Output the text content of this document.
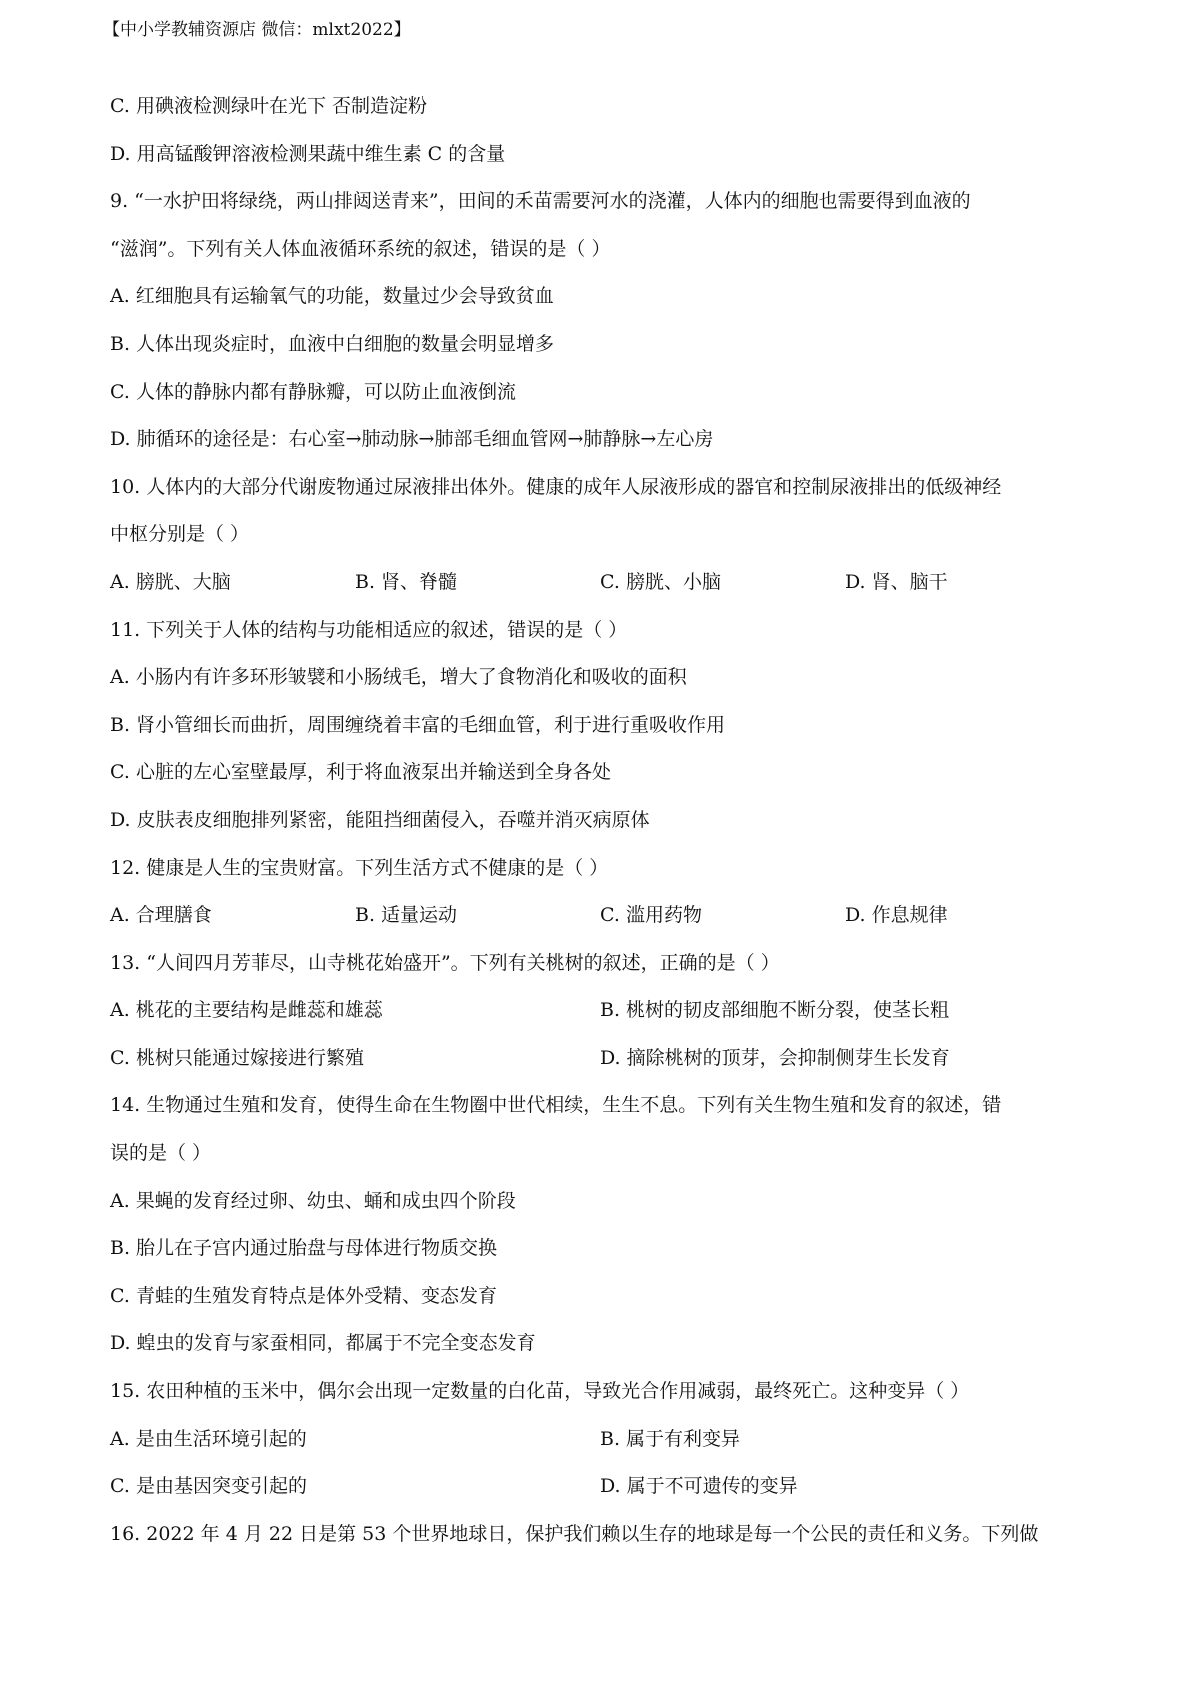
【中小学教辅资源店 微信：mlxt2022】
C. 用碘液检测绿叶在光下 否制造淀粉
D. 用高锰酸钾溶液检测果蔬中维生素 C 的含量
9. “一水护田将绿绕，两山排闼送青来”，田间的禾苗需要河水的浇灌，人体内的细胞也需要得到血液的
“滋润”。下列有关人体血液循环系统的叙述，错误的是（ ）
A. 红细胞具有运输氧气的功能，数量过少会导致贫血
B. 人体出现炎症时，血液中白细胞的数量会明显增多
C. 人体的静脉内都有静脉瓣，可以防止血液倒流
D. 肺循环的途径是：右心室→肺动脉→肺部毛细血管网→肺静脉→左心房
10. 人体内的大部分代谢废物通过尿液排出体外。健康的成年人尿液形成的器官和控制尿液排出的低级神经
中枢分别是（ ）
A. 膀胱、大脑	B. 肾、脊髓	C. 膀胱、小脑	D. 肾、脑干
11. 下列关于人体的结构与功能相适应的叙述，错误的是（ ）
A. 小肠内有许多环形皱襞和小肠绒毛，增大了食物消化和吸收的面积
B. 肾小管细长而曲折，周围缠绕着丰富的毛细血管，利于进行重吸收作用
C. 心脏的左心室壁最厚，利于将血液泵出并输送到全身各处
D. 皮肤表皮细胞排列紧密，能阻挡细菌侵入，吞噬并消灭病原体
12. 健康是人生的宝贵财富。下列生活方式不健康的是（ ）
A. 合理膳食	B. 适量运动	C. 滥用药物	D. 作息规律
13. “人间四月芳菲尽，山寺桃花始盛开”。下列有关桃树的叙述，正确的是（ ）
A. 桃花的主要结构是雌蕊和雄蕊	B. 桃树的韧皮部细胞不断分裂，使茎长粗
C. 桃树只能通过嫁接进行繁殖	D. 摘除桃树的顶芽，会抑制侧芽生长发育
14. 生物通过生殖和发育，使得生命在生物圈中世代相续，生生不息。下列有关生物生殖和发育的叙述，错
误的是（ ）
A. 果蝇的发育经过卵、幼虫、蛹和成虫四个阶段
B. 胎儿在子宫内通过胎盘与母体进行物质交换
C. 青蛙的生殖发育特点是体外受精、变态发育
D. 蝗虫的发育与家蚕相同，都属于不完全变态发育
15. 农田种植的玉米中，偶尔会出现一定数量的白化苗，导致光合作用减弱，最终死亡。这种变异（ ）
A. 是由生活环境引起的	B. 属于有利变异
C. 是由基因突变引起的	D. 属于不可遗传的变异
16. 2022 年 4 月 22 日是第 53 个世界地球日，保护我们赖以生存的地球是每一个公民的责任和义务。下列做
